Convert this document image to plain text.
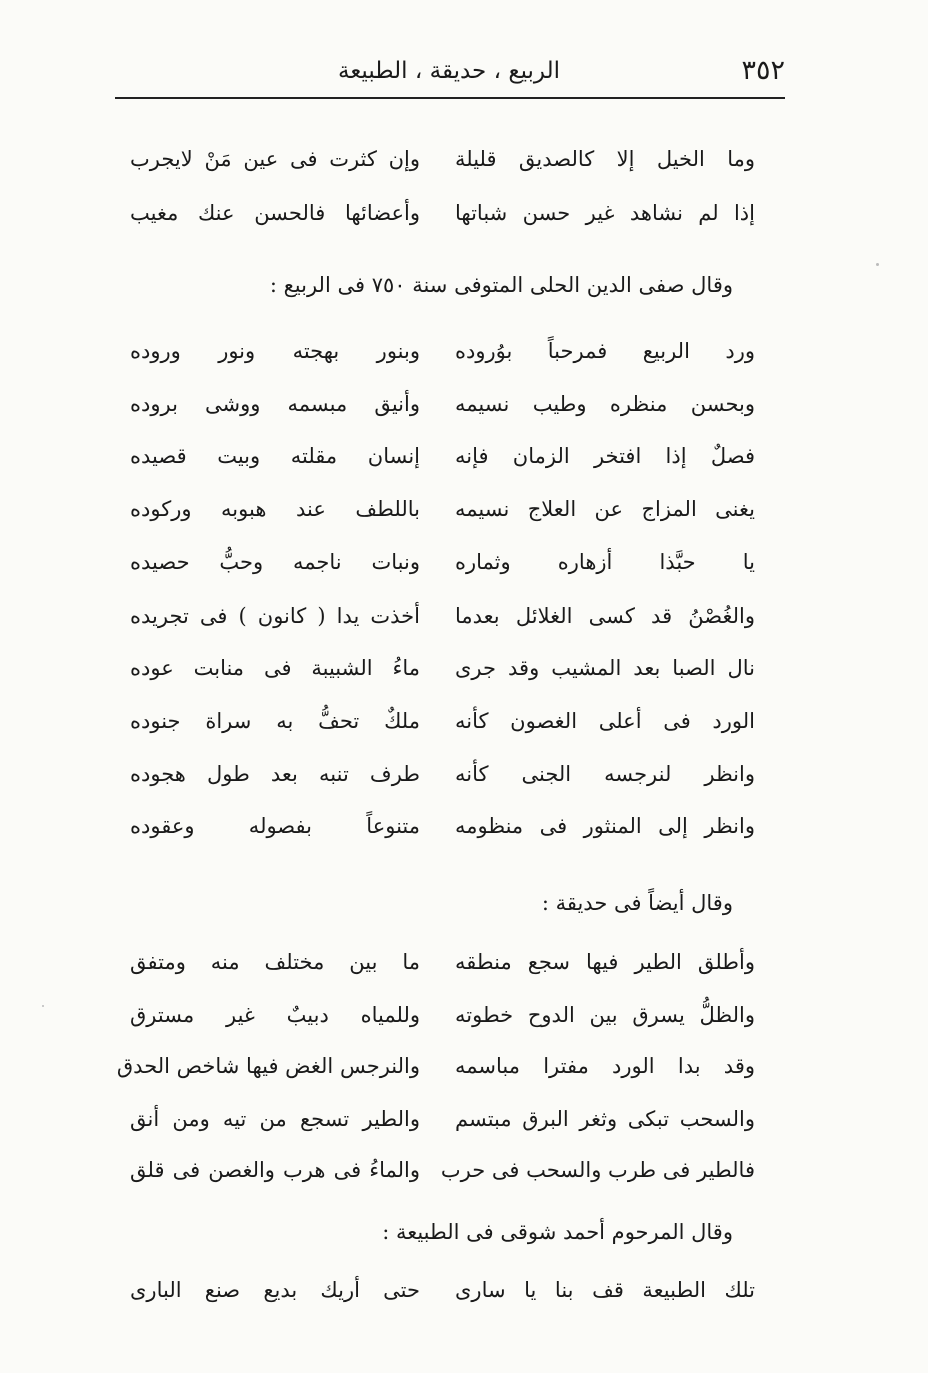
٣٥٢
الربيع ، حديقة ، الطبيعة
وما الخيل إلا كالصديق قليلة
وإن كثرت فى عين مَنْ لايجرب
إذا لم نشاهد غير حسن شباتها
وأعضائها فالحسن عنك مغيب
وقال صفى الدين الحلى المتوفى سنة ٧٥٠ فى الربيع :
ورد الربيع فمرحباً بوُروده
وبنور بهجته ونور وروده
وبحسن منظره وطيب نسيمه
وأنيق مبسمه ووشى بروده
فصلٌ إذا افتخر الزمان فإنه
إنسان مقلته وبيت قصيده
يغنى المزاج عن العلاج نسيمه
باللطف عند هبوبه وركوده
يا حبَّذا أزهاره وثماره
ونبات ناجمه وحبُّ حصيده
والغُصْنُ قد كسى الغلائل بعدما
أخذت يدا ( كانون ) فى تجريده
نال الصبا بعد المشيب وقد جرى
ماءُ الشبيبة فى منابت عوده
الورد فى أعلى الغصون كأنه
ملكٌ تحفُّ به سراة جنوده
وانظر لنرجسه الجنى كأنه
طرف تنبه بعد طول هجوده
وانظر إلى المنثور فى منظومه
متنوعاً بفصوله وعقوده
وقال أيضاً فى حديقة :
وأطلق الطير فيها سجع منطقه
ما بين مختلف منه ومتفق
والظلُّ يسرق بين الدوح خطوته
وللمياه دبيبٌ غير مسترق
وقد بدا الورد مفترا مباسمه
والنرجس الغض فيها شاخص الحدق
والسحب تبكى وثغر البرق مبتسم
والطير تسجع من تيه ومن أنق
فالطير فى طرب والسحب فى حرب
والماءُ فى هرب والغصن فى قلق
وقال المرحوم أحمد شوقى فى الطبيعة :
تلك الطبيعة قف بنا يا سارى
حتى أريك بديع صنع البارى
